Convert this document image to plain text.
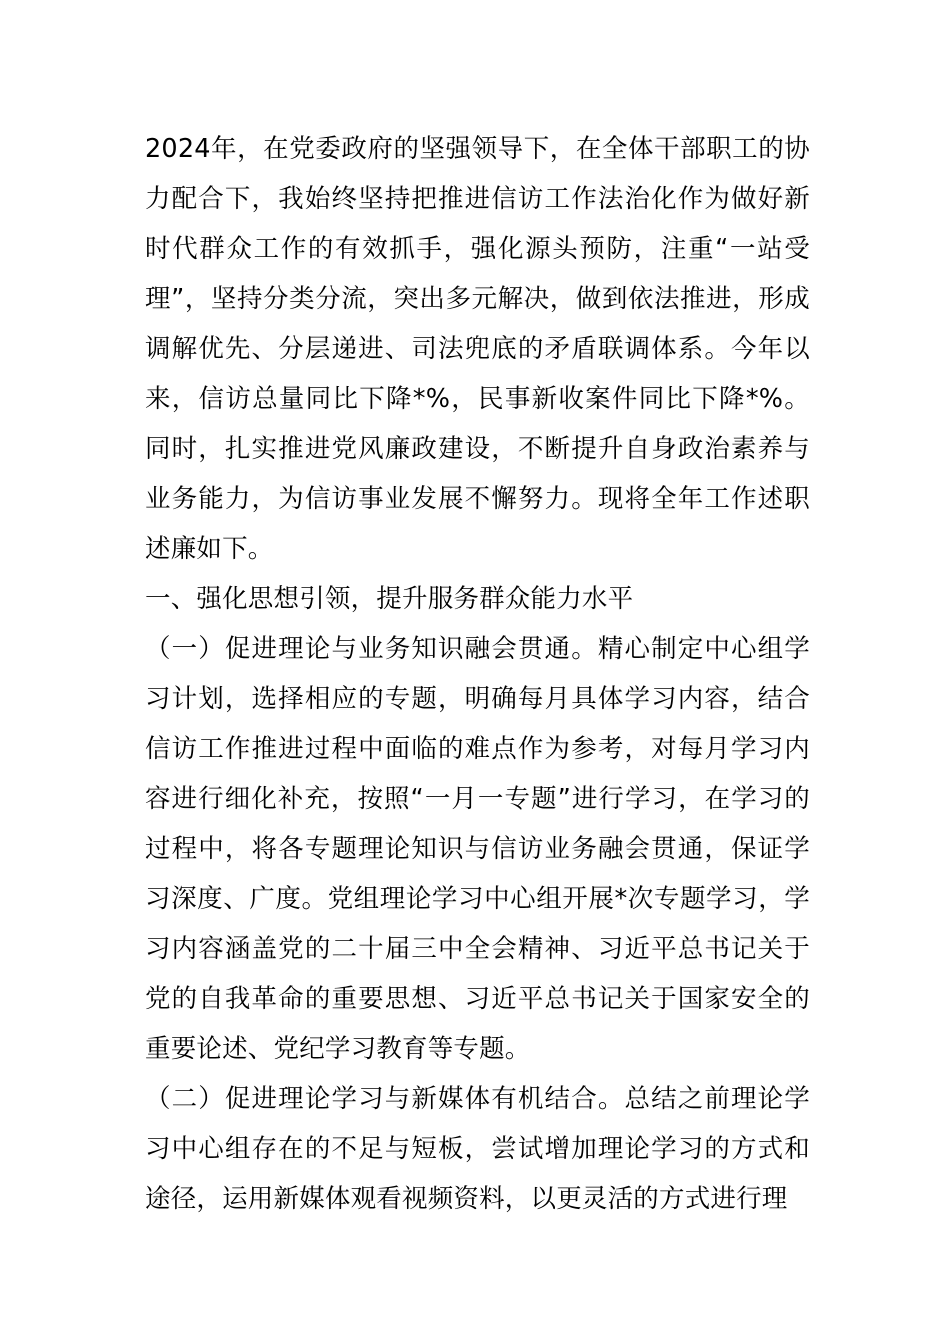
2024年，在党委政府的坚强领导下，在全体干部职工的协力配合下，我始终坚持把推进信访工作法治化作为做好新时代群众工作的有效抓手，强化源头预防，注重“一站受理”，坚持分类分流，突出多元解决，做到依法推进，形成调解优先、分层递进、司法兜底的矛盾联调体系。今年以来，信访总量同比下降*%，民事新收案件同比下降*%。同时，扎实推进党风廉政建设，不断提升自身政治素养与业务能力，为信访事业发展不懈努力。现将全年工作述职述廉如下。

一、强化思想引领，提升服务群众能力水平

（一）促进理论与业务知识融会贯通。精心制定中心组学习计划，选择相应的专题，明确每月具体学习内容，结合信访工作推进过程中面临的难点作为参考，对每月学习内容进行细化补充，按照“一月一专题”进行学习，在学习的过程中，将各专题理论知识与信访业务融会贯通，保证学习深度、广度。党组理论学习中心组开展*次专题学习，学习内容涵盖党的二十届三中全会精神、习近平总书记关于党的自我革命的重要思想、习近平总书记关于国家安全的重要论述、党纪学习教育等专题。

（二）促进理论学习与新媒体有机结合。总结之前理论学习中心组存在的不足与短板，尝试增加理论学习的方式和途径，运用新媒体观看视频资料，以更灵活的方式进行理
